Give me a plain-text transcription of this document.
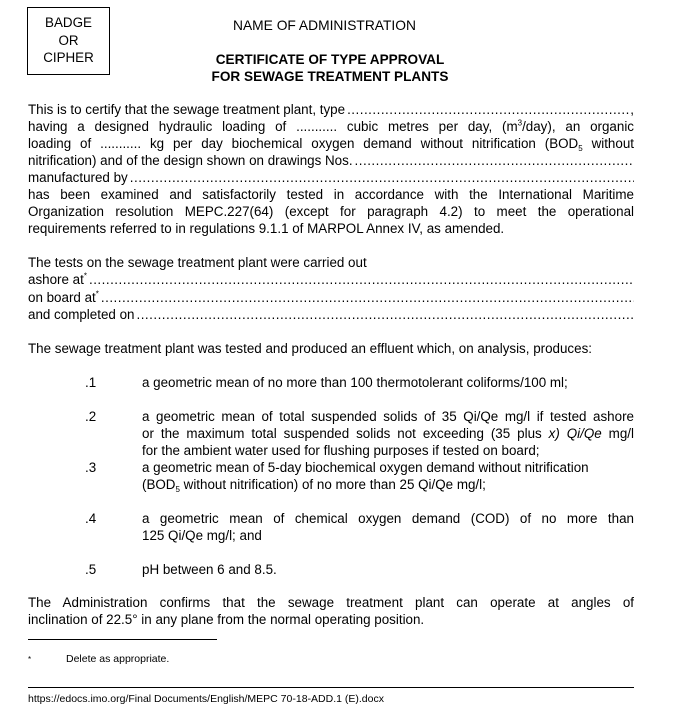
BADGE
OR
CIPHER
NAME OF ADMINISTRATION
CERTIFICATE OF TYPE APPROVAL
FOR SEWAGE TREATMENT PLANTS
This is to certify that the sewage treatment plant, type
.....	,
having a designed hydraulic loading of ........... cubic metres per day, $(m^3/day)$, an organic
loading of ........... kg per day biochemical oxygen demand without nitrification ($BOD_5$ without
nitrification) and of the design shown on drawings Nos.
.....
manufactured by
.....
has been examined and satisfactorily tested in accordance with the International Maritime
Organization resolution MEPC.227(64) (except for paragraph 4.2) to meet the operational
requirements referred to in regulations 9.1.1 of MARPOL Annex IV, as amended.
The tests on the sewage treatment plant were carried out
ashore at*
.....
on board at*
.....
and completed on
.....
The sewage treatment plant was tested and produced an effluent which, on analysis, produces:
.1	a geometric mean of no more than 100 thermotolerant coliforms/100 ml;
.2	a geometric mean of total suspended solids of 35 Qi/Qe mg/l if tested ashore
or the maximum total suspended solids not exceeding (35 plus x) Qi/Qe mg/l
for the ambient water used for flushing purposes if tested on board;
.3	a geometric mean of 5-day biochemical oxygen demand without nitrification
($BOD_5$ without nitrification) of no more than 25 Qi/Qe mg/l;
.4	a geometric mean of chemical oxygen demand (COD) of no more than
125 Qi/Qe mg/l; and
.5	pH between 6 and 8.5.
The Administration confirms that the sewage treatment plant can operate at angles of
inclination of 22.5° in any plane from the normal operating position.
*	Delete as appropriate.
https://edocs.imo.org/Final Documents/English/MEPC 70-18-ADD.1 (E).docx
